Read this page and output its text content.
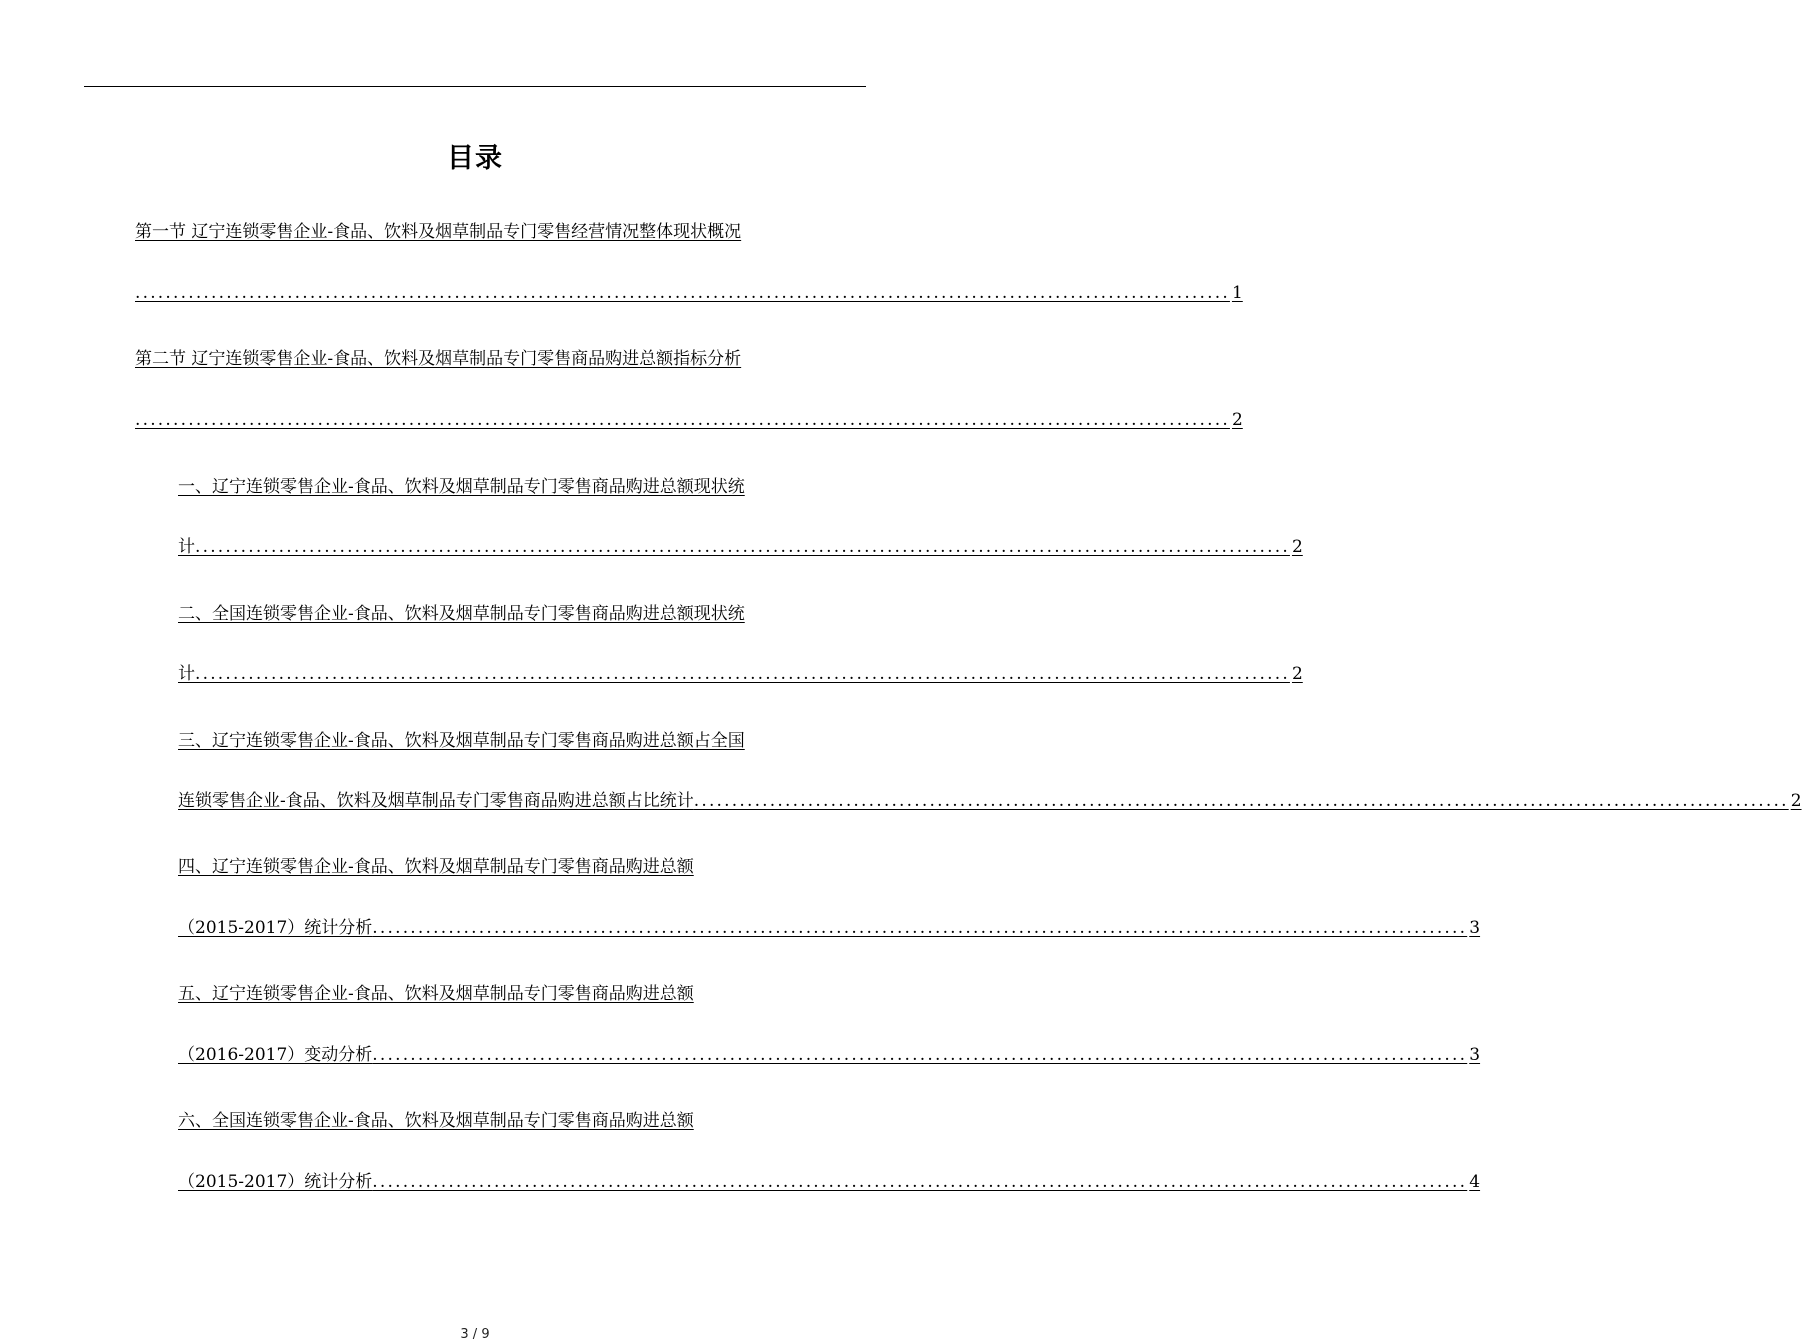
目录
第一节 辽宁连锁零售企业-食品、饮料及烟草制品专门零售经营情况整体现状概况
................................................................................................................................................ 1
第二节 辽宁连锁零售企业-食品、饮料及烟草制品专门零售商品购进总额指标分析
................................................................................................................................................ 2
一、辽宁连锁零售企业-食品、饮料及烟草制品专门零售商品购进总额现状统
计 ................................................................................................................................................ 2
二、全国连锁零售企业-食品、饮料及烟草制品专门零售商品购进总额现状统
计 ................................................................................................................................................ 2
三、辽宁连锁零售企业-食品、饮料及烟草制品专门零售商品购进总额占全国
连锁零售企业-食品、饮料及烟草制品专门零售商品购进总额占比统计 ................................................................................................................................................ 2
四、辽宁连锁零售企业-食品、饮料及烟草制品专门零售商品购进总额
（2015-2017）统计分析 ................................................................................................................................................ 3
五、辽宁连锁零售企业-食品、饮料及烟草制品专门零售商品购进总额
（2016-2017）变动分析 ................................................................................................................................................ 3
六、全国连锁零售企业-食品、饮料及烟草制品专门零售商品购进总额
（2015-2017）统计分析 ................................................................................................................................................ 4
3 / 9
